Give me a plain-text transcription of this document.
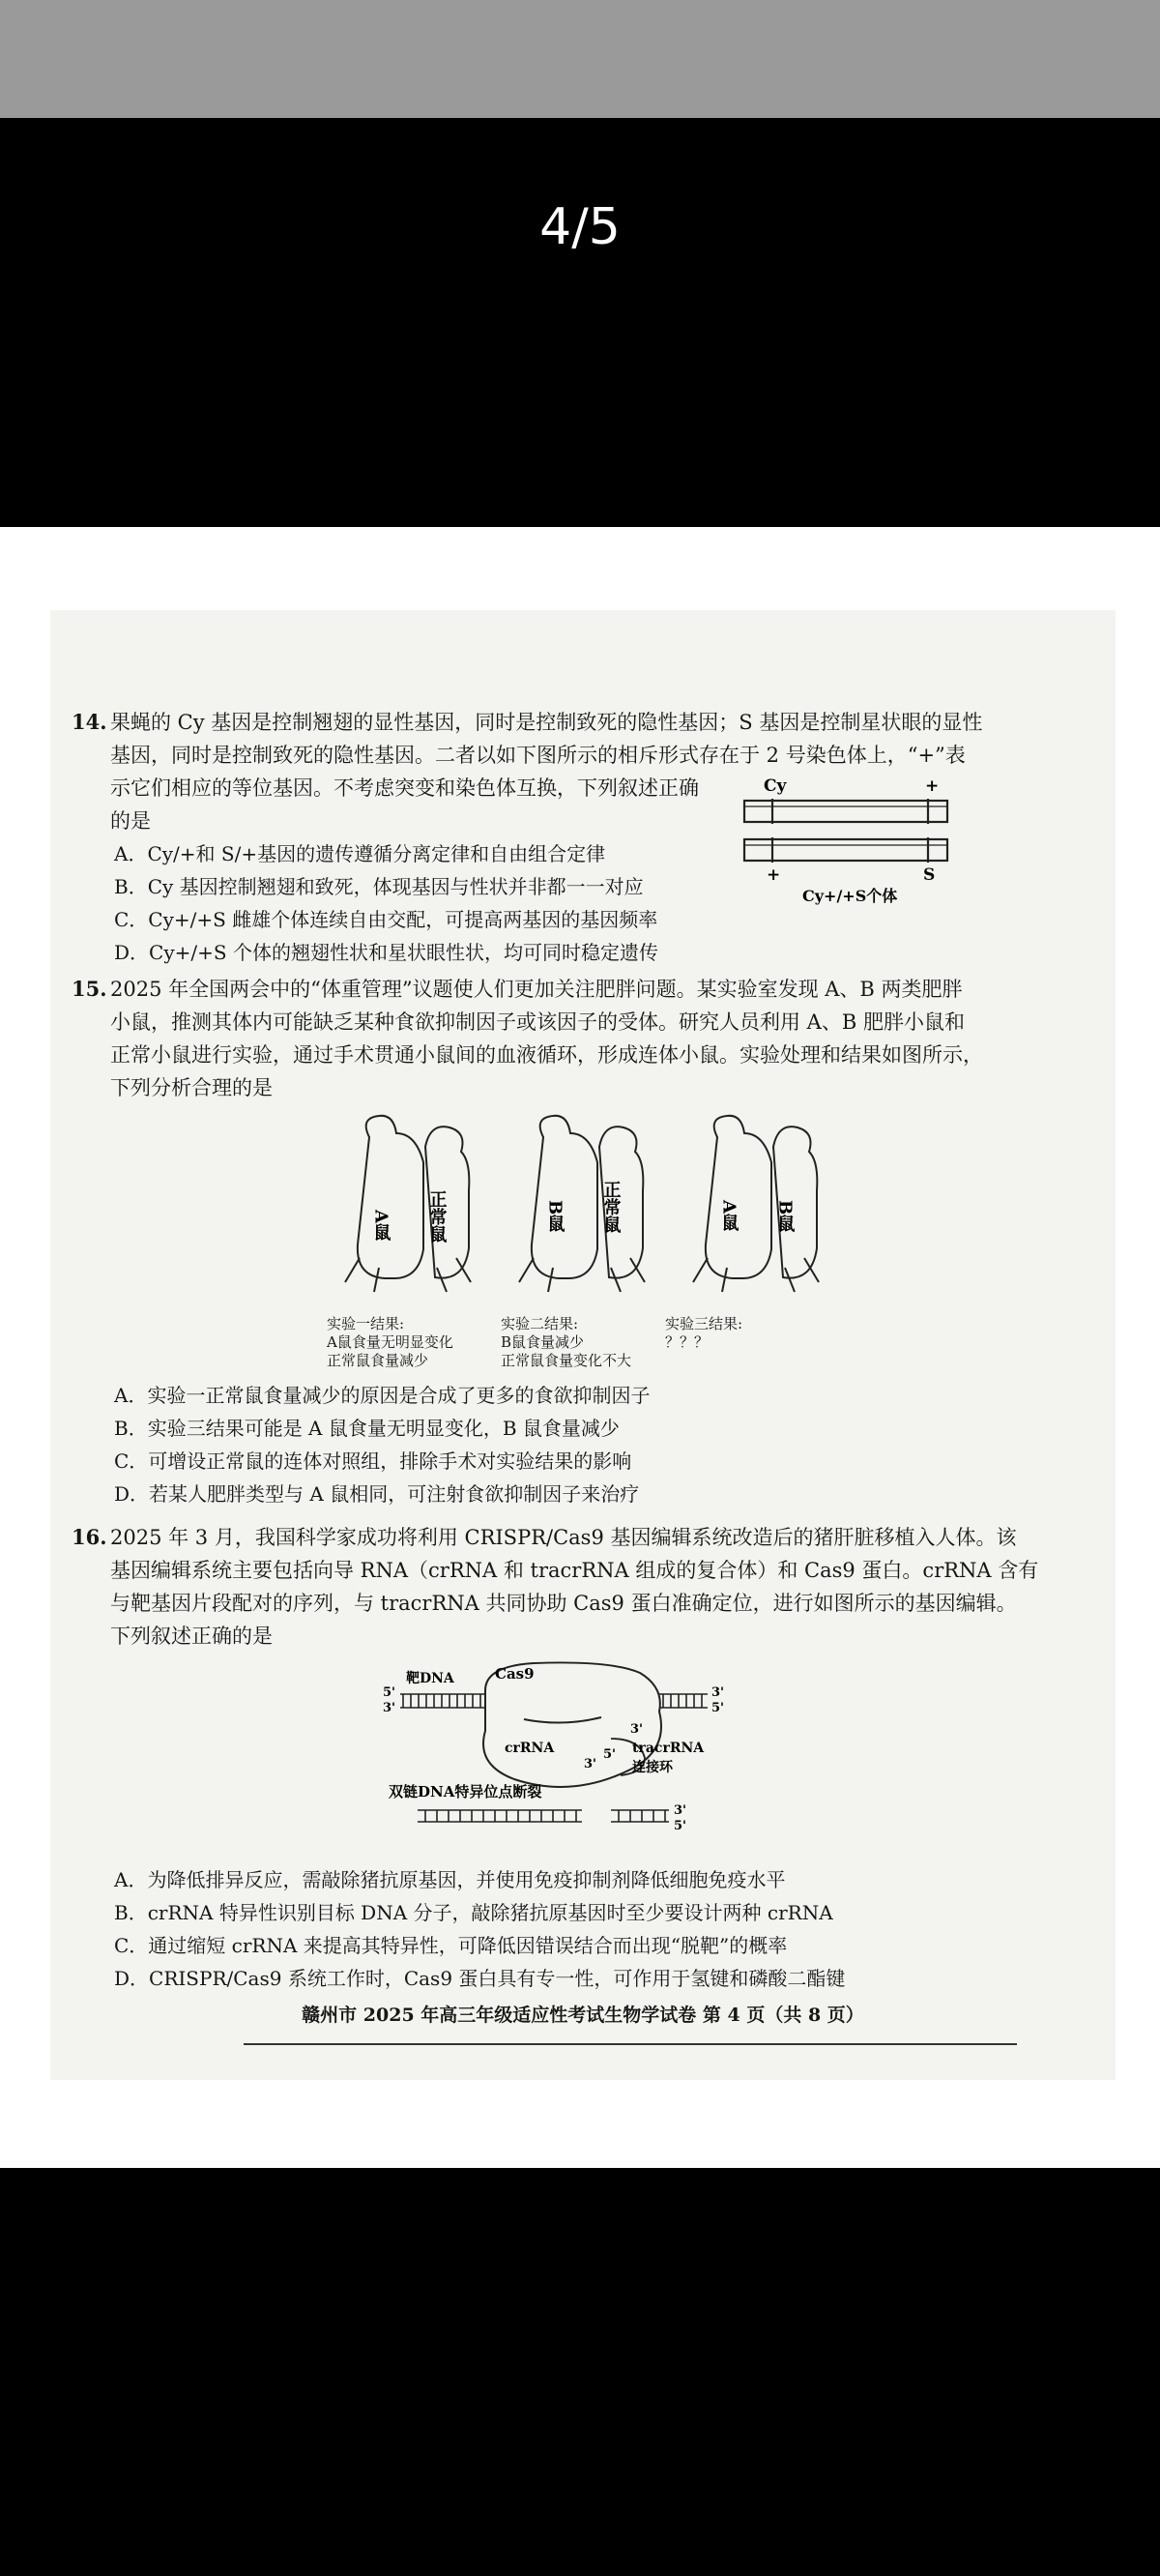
4/5
14. 果蝇的 Cy 基因是控制翘翅的显性基因，同时是控制致死的隐性基因；S 基因是控制星状眼的显性
基因，同时是控制致死的隐性基因。二者以如下图所示的相斥形式存在于 2 号染色体上，“+”表
示它们相应的等位基因。不考虑突变和染色体互换，下列叙述正确
的是
A．Cy/+和 S/+基因的遗传遵循分离定律和自由组合定律
B．Cy 基因控制翘翅和致死，体现基因与性状并非都一一对应
C．Cy+/+S 雌雄个体连续自由交配，可提高两基因的基因频率
D．Cy+/+S 个体的翘翅性状和星状眼性状，均可同时稳定遗传
Cy	+
+	S
Cy+/+S个体
15. 2025 年全国两会中的“体重管理”议题使人们更加关注肥胖问题。某实验室发现 A、B 两类肥胖
小鼠，推测其体内可能缺乏某种食欲抑制因子或该因子的受体。研究人员利用 A、B 肥胖小鼠和
正常小鼠进行实验，通过手术贯通小鼠间的血液循环，形成连体小鼠。实验处理和结果如图所示，
下列分析合理的是
A鼠 正常鼠	B鼠 正常鼠	A鼠 B鼠
实验一结果:
A鼠食量无明显变化
正常鼠食量减少
实验二结果:
B鼠食量减少
正常鼠食量变化不大
实验三结果:
？？？
A．实验一正常鼠食量减少的原因是合成了更多的食欲抑制因子
B．实验三结果可能是 A 鼠食量无明显变化，B 鼠食量减少
C．可增设正常鼠的连体对照组，排除手术对实验结果的影响
D．若某人肥胖类型与 A 鼠相同，可注射食欲抑制因子来治疗
16. 2025 年 3 月，我国科学家成功将利用 CRISPR/Cas9 基因编辑系统改造后的猪肝脏移植入人体。该
基因编辑系统主要包括向导 RNA（crRNA 和 tracrRNA 组成的复合体）和 Cas9 蛋白。crRNA 含有
与靶基因片段配对的序列，与 tracrRNA 共同协助 Cas9 蛋白准确定位，进行如图所示的基因编辑。
下列叙述正确的是
靶DNA
5'
3'
3'
5'
Cas9
crRNA
3'
5'
3'
tracrRNA
连接环
双链DNA特异位点断裂
3'
5'
A．为降低排异反应，需敲除猪抗原基因，并使用免疫抑制剂降低细胞免疫水平
B．crRNA 特异性识别目标 DNA 分子，敲除猪抗原基因时至少要设计两种 crRNA
C．通过缩短 crRNA 来提高其特异性，可降低因错误结合而出现“脱靶”的概率
D．CRISPR/Cas9 系统工作时，Cas9 蛋白具有专一性，可作用于氢键和磷酸二酯键
赣州市 2025 年高三年级适应性考试生物学试卷 第 4 页（共 8 页）
